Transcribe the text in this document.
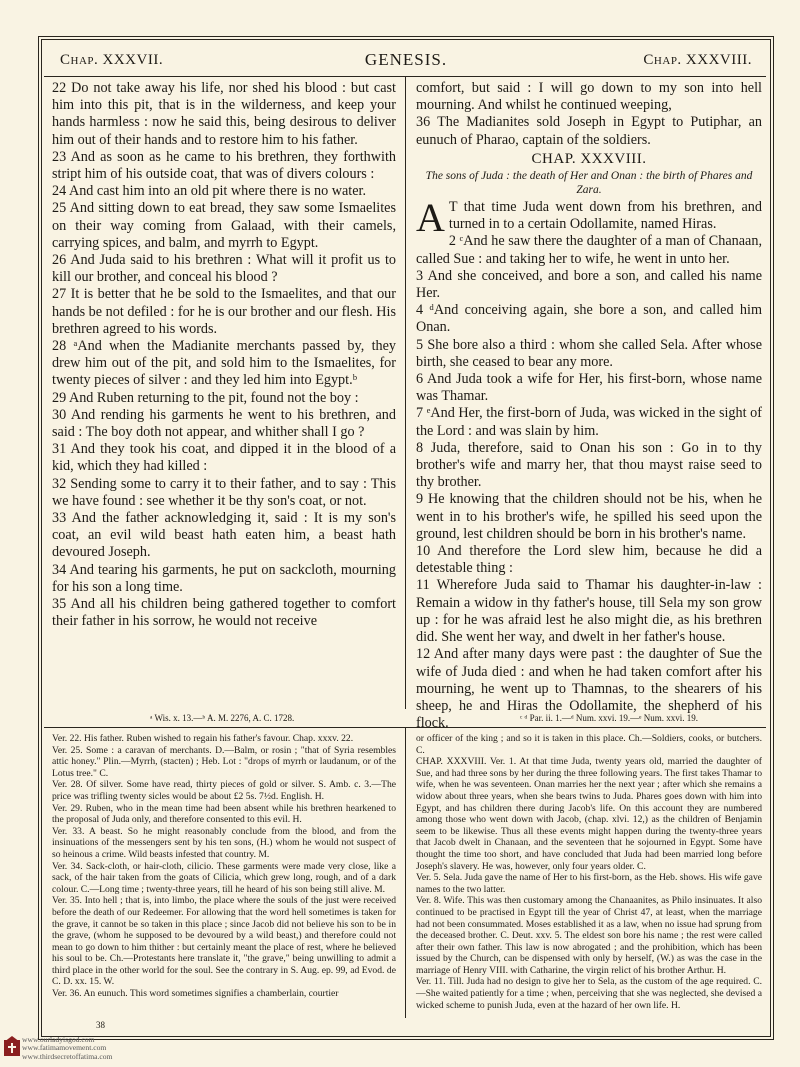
Chap. XXXVII.	GENESIS.	Chap. XXXVIII.

22 Do not take away his life, nor shed his blood : but cast him into this pit, that is in the wilderness, and keep your hands harmless : now he said this, being desirous to deliver him out of their hands and to restore him to his father.

23 And as soon as he came to his brethren, they forthwith stript him of his outside coat, that was of divers colours :

24 And cast him into an old pit where there is no water.

25 And sitting down to eat bread, they saw some Ismaelites on their way coming from Galaad, with their camels, carrying spices, and balm, and myrrh to Egypt.

26 And Juda said to his brethren : What will it profit us to kill our brother, and conceal his blood ?

27 It is better that he be sold to the Ismaelites, and that our hands be not defiled : for he is our brother and our flesh. His brethren agreed to his words.

28 ᵃAnd when the Madianite merchants passed by, they drew him out of the pit, and sold him to the Ismaelites, for twenty pieces of silver : and they led him into Egypt.ᵇ

29 And Ruben returning to the pit, found not the boy :

30 And rending his garments he went to his brethren, and said : The boy doth not appear, and whither shall I go ?

31 And they took his coat, and dipped it in the blood of a kid, which they had killed :

32 Sending some to carry it to their father, and to say : This we have found : see whether it be thy son's coat, or not.

33 And the father acknowledging it, said : It is my son's coat, an evil wild beast hath eaten him, a beast hath devoured Joseph.

34 And tearing his garments, he put on sackcloth, mourning for his son a long time.

35 And all his children being gathered together to comfort their father in his sorrow, he would not receive

comfort, but said : I will go down to my son into hell mourning. And whilst he continued weeping,

36 The Madianites sold Joseph in Egypt to Putiphar, an eunuch of Pharao, captain of the soldiers.

CHAP. XXXVIII.
The sons of Juda : the death of Her and Onan : the birth of Phares and Zara.

A T that time Juda went down from his brethren, and turned in to a certain Odollamite, named Hiras.

2 ᶜAnd he saw there the daughter of a man of Chanaan, called Sue : and taking her to wife, he went in unto her.

3 And she conceived, and bore a son, and called his name Her.

4 ᵈAnd conceiving again, she bore a son, and called him Onan.

5 She bore also a third : whom she called Sela. After whose birth, she ceased to bear any more.

6 And Juda took a wife for Her, his first-born, whose name was Thamar.

7 ᵉAnd Her, the first-born of Juda, was wicked in the sight of the Lord : and was slain by him.

8 Juda, therefore, said to Onan his son : Go in to thy brother's wife and marry her, that thou mayst raise seed to thy brother.

9 He knowing that the children should not be his, when he went in to his brother's wife, he spilled his seed upon the ground, lest children should be born in his brother's name.

10 And therefore the Lord slew him, because he did a detestable thing :

11 Wherefore Juda said to Thamar his daughter-in-law : Remain a widow in thy father's house, till Sela my son grow up : for he was afraid lest he also might die, as his brethren did. She went her way, and dwelt in her father's house.

12 And after many days were past : the daughter of Sue the wife of Juda died : and when he had taken comfort after his mourning, he went up to Thamnas, to the shearers of his sheep, he and Hiras the Odollamite, the shepherd of his flock.

ᵃ Wis. x. 13.—ᵇ A. M. 2276, A. C. 1728.	ᶜ ᵈ Par. ii. 1.—ᵈ Num. xxvi. 19.—ᵉ Num. xxvi. 19.

Ver. 22. His father. Ruben wished to regain his father's favour. Chap. xxxv. 22.

Ver. 25. Some : a caravan of merchants. D.—Balm, or rosin ; "that of Syria resembles attic honey." Plin.—Myrrh, (stacten) ; Heb. Lot : "drops of myrrh or laudanum, or of the Lotus tree." C.

Ver. 28. Of silver. Some have read, thirty pieces of gold or silver. S. Amb. c. 3.—The price was trifling twenty sicles would be about £2 5s. 7½d. English. H.

Ver. 29. Ruben, who in the mean time had been absent while his brethren hearkened to the proposal of Juda only, and therefore consented to this evil. H.

Ver. 33. A beast. So he might reasonably conclude from the blood, and from the insinuations of the messengers sent by his ten sons, (H.) whom he would not suspect of so heinous a crime. Wild beasts infested that country. M.

Ver. 34. Sack-cloth, or hair-cloth, cilicio. These garments were made very close, like a sack, of the hair taken from the goats of Cilicia, which grew long, rough, and of a dark colour. C.—Long time ; twenty-three years, till he heard of his son being still alive. M.

Ver. 35. Into hell ; that is, into limbo, the place where the souls of the just were received before the death of our Redeemer. For allowing that the word hell sometimes is taken for the grave, it cannot be so taken in this place ; since Jacob did not believe his son to be in the grave, (whom he supposed to be devoured by a wild beast,) and therefore could not mean to go down to him thither : but certainly meant the place of rest, where he believed his soul to be. Ch.—Protestants here translate it, "the grave," being unwilling to admit a third place in the other world for the soul. See the contrary in S. Aug. ep. 99, ad Evod. de C. D. xx. 15. W.

Ver. 36. An eunuch. This word sometimes signifies a chamberlain, courtier

or officer of the king ; and so it is taken in this place. Ch.—Soldiers, cooks, or butchers. C.

CHAP. XXXVIII. Ver. 1. At that time Juda, twenty years old, married the daughter of Sue, and had three sons by her during the three following years. The first takes Thamar to wife, when he was seventeen. Onan marries her the next year ; after which she remains a widow about three years, when she bears twins to Juda. Phares goes down with him into Egypt, and has children there during Jacob's life. On this account they are numbered among those who went down with Jacob, (chap. xlvi. 12,) as the children of Benjamin seem to be likewise. Thus all these events might happen during the twenty-three years that Jacob dwelt in Chanaan, and the seventeen that he sojourned in Egypt. Some have thought the time too short, and have concluded that Juda had been married long before Joseph's slavery. He was, however, only four years older. C.

Ver. 5. Sela. Juda gave the name of Her to his first-born, as the Heb. shows. His wife gave names to the two latter.

Ver. 8. Wife. This was then customary among the Chanaanites, as Philo insinuates. It also continued to be practised in Egypt till the year of Christ 47, at least, when the marriage had not been consummated. Moses established it as a law, when no issue had sprung from the deceased brother. C. Deut. xxv. 5. The eldest son bore his name ; the rest were called after their own father. This law is now abrogated ; and the prohibition, which has been issued by the Church, can be dispensed with only by herself, (W.) as was the case in the marriage of Henry VIII. with Catharine, the virgin relict of his brother Arthur. H.

Ver. 11. Till. Juda had no design to give her to Sela, as the custom of the age required. C.—She waited patiently for a time ; when, perceiving that she was neglected, she devised a wicked scheme to punish Juda, even at the hazard of her own life. H.

38
www.ourladyisgod.com
www.fatimamovement.com
www.thirdsecretoffatima.com
